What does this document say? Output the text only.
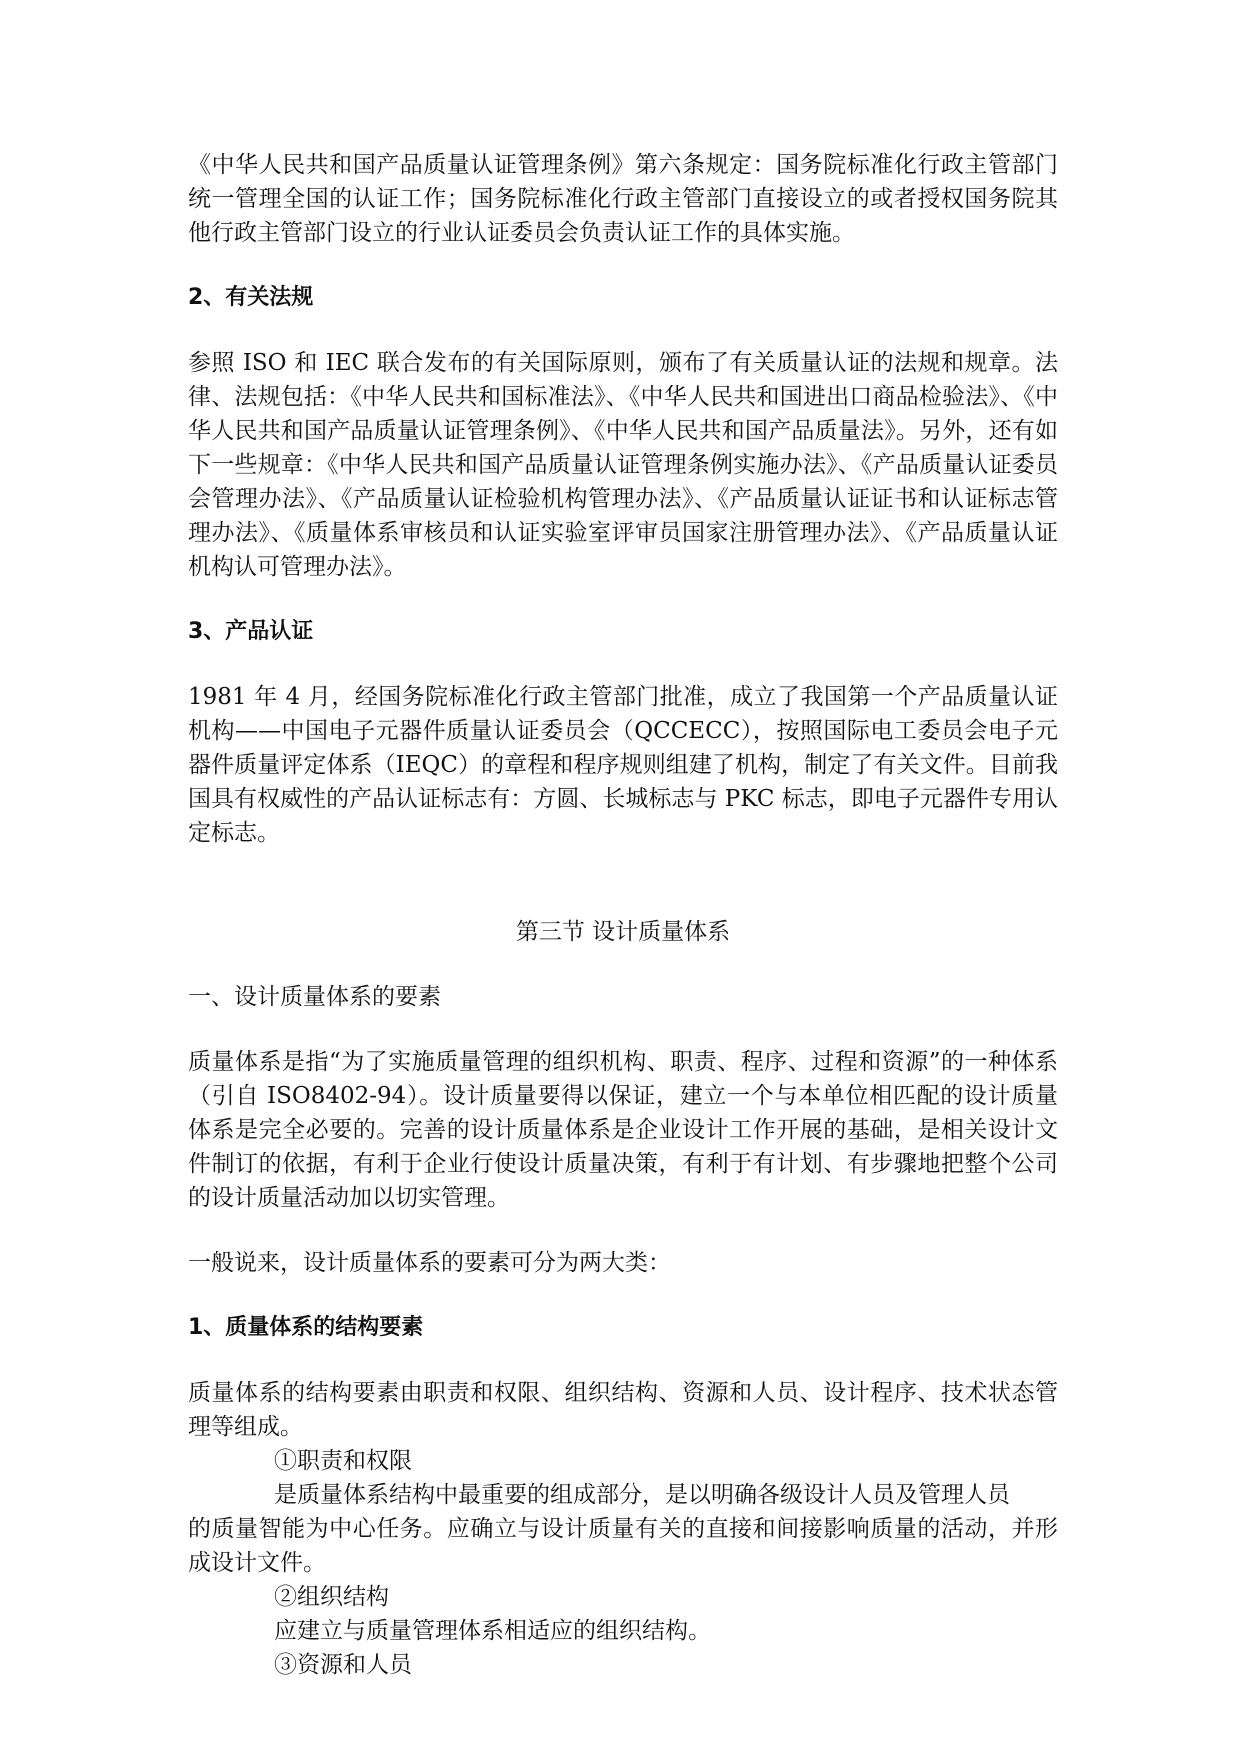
《中华人民共和国产品质量认证管理条例》第六条规定：国务院标准化行政主管部门统一管理全国的认证工作；国务院标准化行政主管部门直接设立的或者授权国务院其他行政主管部门设立的行业认证委员会负责认证工作的具体实施。

2、有关法规

参照 ISO 和 IEC 联合发布的有关国际原则，颁布了有关质量认证的法规和规章。法律、法规包括：《中华人民共和国标准法》、《中华人民共和国进出口商品检验法》、《中华人民共和国产品质量认证管理条例》、《中华人民共和国产品质量法》。另外，还有如下一些规章：《中华人民共和国产品质量认证管理条例实施办法》、《产品质量认证委员会管理办法》、《产品质量认证检验机构管理办法》、《产品质量认证证书和认证标志管理办法》、《质量体系审核员和认证实验室评审员国家注册管理办法》、《产品质量认证机构认可管理办法》。

3、产品认证

1981 年 4 月，经国务院标准化行政主管部门批准，成立了我国第一个产品质量认证机构——中国电子元器件质量认证委员会（QCCECC），按照国际电工委员会电子元器件质量评定体系（IEQC）的章程和程序规则组建了机构，制定了有关文件。目前我国具有权威性的产品认证标志有：方圆、长城标志与 PKC 标志，即电子元器件专用认定标志。

第三节 设计质量体系

一、设计质量体系的要素

质量体系是指“为了实施质量管理的组织机构、职责、程序、过程和资源”的一种体系（引自 ISO8402-94）。设计质量要得以保证，建立一个与本单位相匹配的设计质量体系是完全必要的。完善的设计质量体系是企业设计工作开展的基础，是相关设计文件制订的依据，有利于企业行使设计质量决策，有利于有计划、有步骤地把整个公司的设计质量活动加以切实管理。

一般说来，设计质量体系的要素可分为两大类：

1、质量体系的结构要素

质量体系的结构要素由职责和权限、组织结构、资源和人员、设计程序、技术状态管理等组成。

①职责和权限

是质量体系结构中最重要的组成部分，是以明确各级设计人员及管理人员

的质量智能为中心任务。应确立与设计质量有关的直接和间接影响质量的活动，并形成设计文件。

②组织结构

应建立与质量管理体系相适应的组织结构。

③资源和人员
